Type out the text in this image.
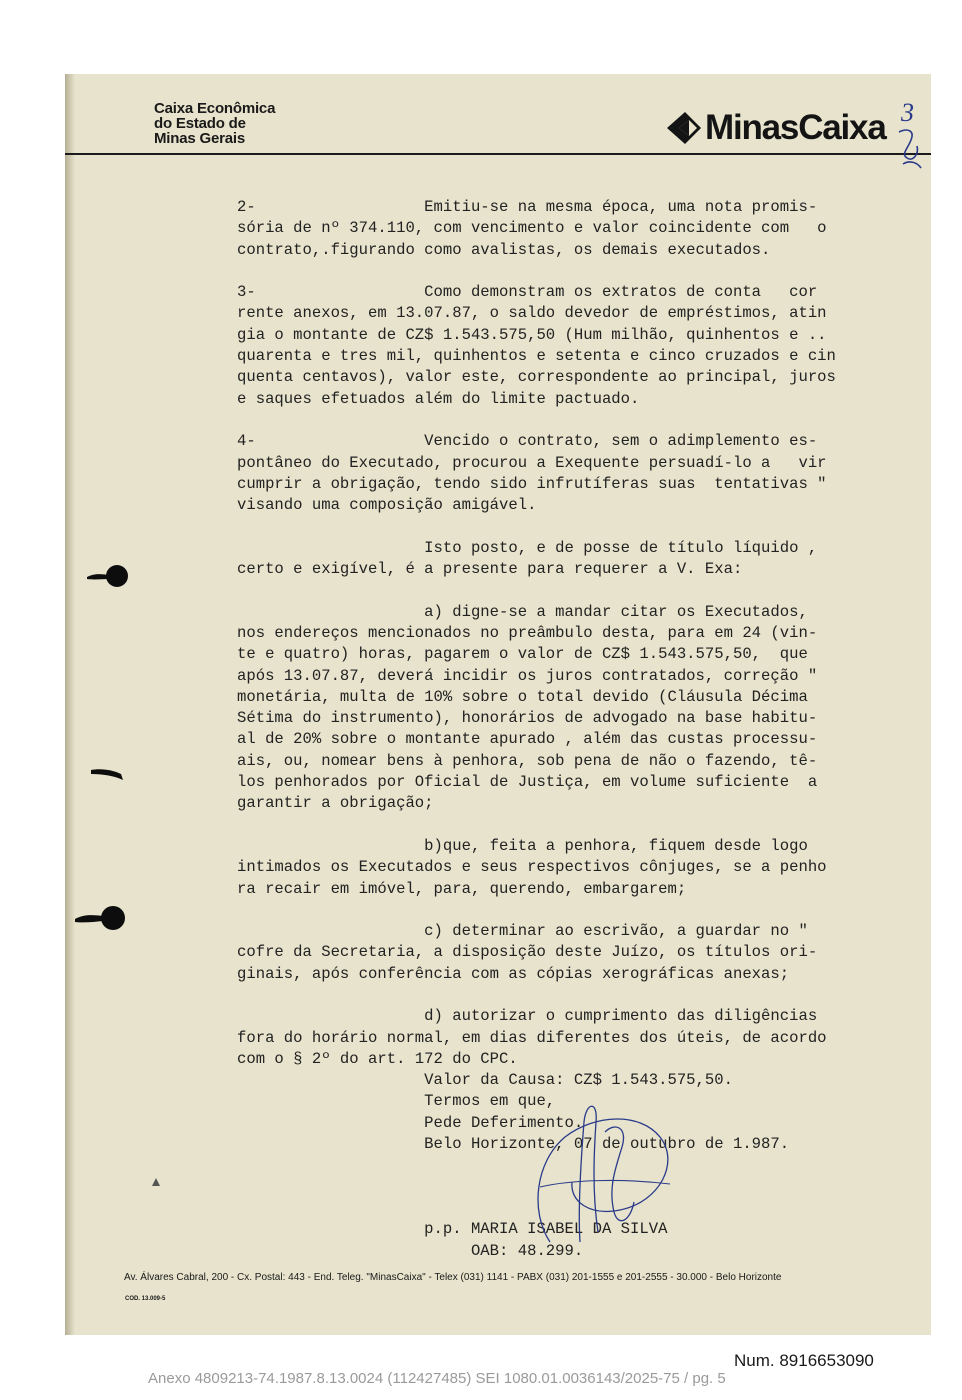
Caixa Econômica
do Estado de
Minas Gerais	MinasCaixa 3
2-                  Emitiu-se na mesma época, uma nota promis-
sória de nº 374.110, com vencimento e valor coincidente com   o
contrato,.figurando como avalistas, os demais executados.
3-                  Como demonstram os extratos de conta   cor
rente anexos, em 13.07.87, o saldo devedor de empréstimos, atin
gia o montante de CZ$ 1.543.575,50 (Hum milhão, quinhentos e ..
quarenta e tres mil, quinhentos e setenta e cinco cruzados e cin
quenta centavos), valor este, correspondente ao principal, juros
e saques efetuados além do limite pactuado.
4-                  Vencido o contrato, sem o adimplemento es-
pontâneo do Executado, procurou a Exequente persuadí-lo a   vir
cumprir a obrigação, tendo sido infrutíferas suas  tentativas "
visando uma composição amigável.
Isto posto, e de posse de título líquido ,
certo e exigível, é a presente para requerer a V. Exa:
a) digne-se a mandar citar os Executados,
nos endereços mencionados no preâmbulo desta, para em 24 (vin-
te e quatro) horas, pagarem o valor de CZ$ 1.543.575,50,  que
após 13.07.87, deverá incidir os juros contratados, correção "
monetária, multa de 10% sobre o total devido (Cláusula Décima
Sétima do instrumento), honorários de advogado na base habitu-
al de 20% sobre o montante apurado , além das custas processu-
ais, ou, nomear bens à penhora, sob pena de não o fazendo, tê-
los penhorados por Oficial de Justiça, em volume suficiente  a
garantir a obrigação;
b)que, feita a penhora, fiquem desde logo
intimados os Executados e seus respectivos cônjuges, se a penho
ra recair em imóvel, para, querendo, embargarem;
c) determinar ao escrivão, a guardar no "
cofre da Secretaria, a disposição deste Juízo, os títulos ori-
ginais, após conferência com as cópias xerográficas anexas;
d) autorizar o cumprimento das diligências
fora do horário normal, em dias diferentes dos úteis, de acordo
com o § 2º do art. 172 do CPC.
Valor da Causa: CZ$ 1.543.575,50.
Termos em que,
Pede Deferimento.
Belo Horizonte, 07 de outubro de 1.987.
p.p. MARIA ISABEL DA SILVA
OAB: 48.299.
Av. Álvares Cabral, 200 - Cx. Postal: 443 - End. Teleg. "MinasCaixa" - Telex (031) 1141 - PABX (031) 201-1555 e 201-2555 - 30.000 - Belo Horizonte
COD. 13.009-5
Num. 8916653090
Anexo 4809213-74.1987.8.13.0024 (112427485) SEI 1080.01.0036143/2025-75 / pg. 5
